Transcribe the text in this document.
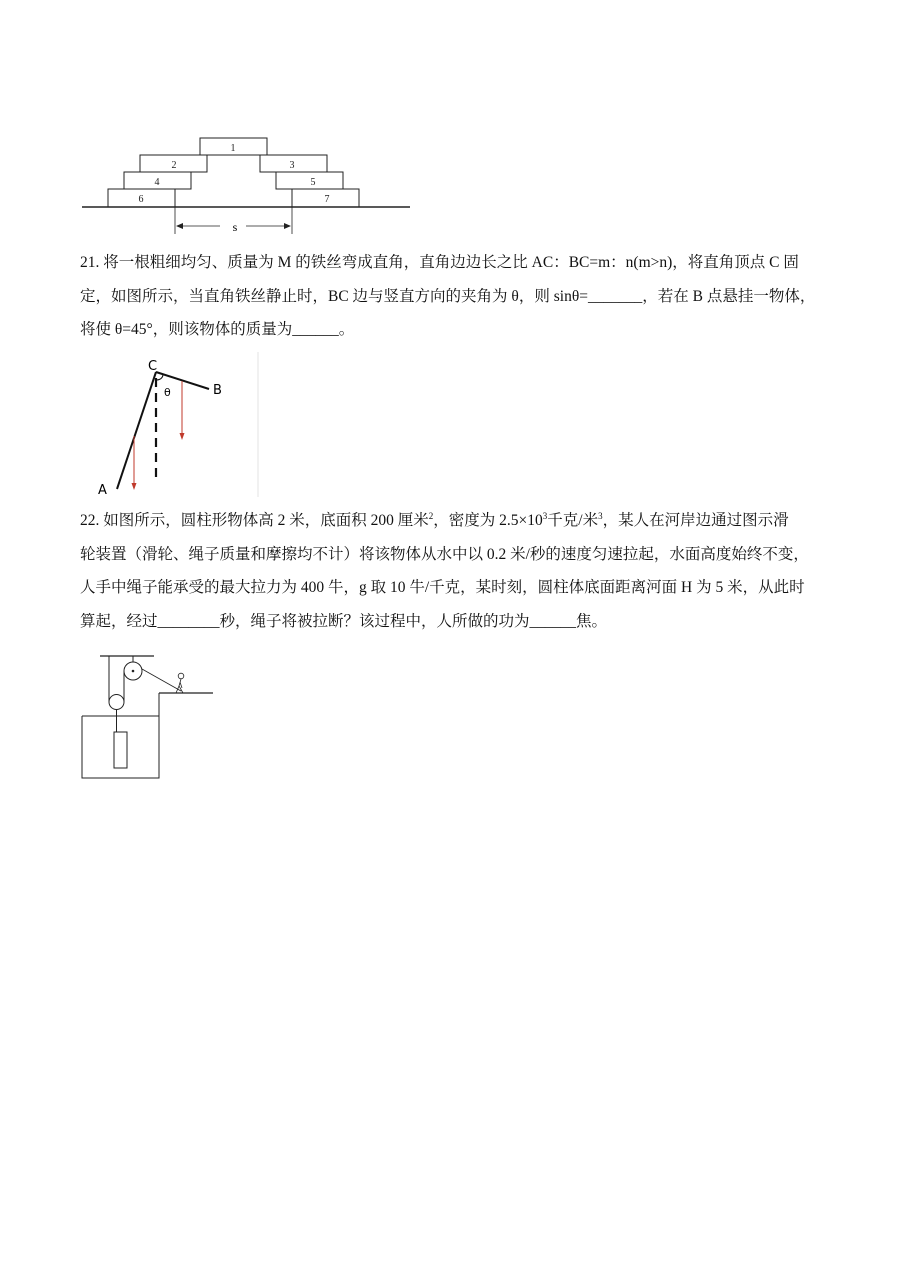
1
2	3
4	5
6	7
s

21. 将一根粗细均匀、质量为 M 的铁丝弯成直角，直角边边长之比 AC：BC=m：n(m>n)，将直角顶点 C 固
定，如图所示，当直角铁丝静止时，BC 边与竖直方向的夹角为 θ，则 sinθ=_______，若在 B 点悬挂一物体，
将使 θ=45°，则该物体的质量为______。

C
B
A
θ

22. 如图所示，圆柱形物体高 2 米，底面积 200 厘米$^2$，密度为 $2.5\times 10^3$千克/米$^3$，某人在河岸边通过图示滑
轮装置（滑轮、绳子质量和摩擦均不计）将该物体从水中以 0.2 米/秒的速度匀速拉起，水面高度始终不变，
人手中绳子能承受的最大拉力为 400 牛，g 取 10 牛/千克，某时刻，圆柱体底面距离河面 H 为 5 米，从此时
算起，经过________秒，绳子将被拉断？该过程中，人所做的功为______焦。
